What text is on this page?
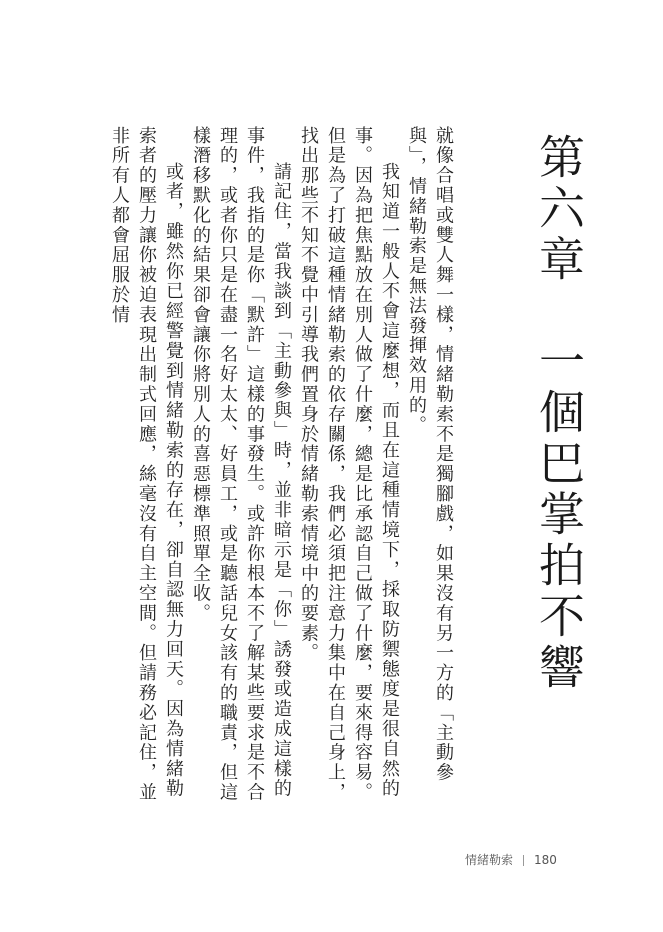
第六章　一個巴掌拍不響

就像合唱或雙人舞一樣，情緒勒索不是獨腳戲，如果沒有另一方的「主動參與」，情緒勒索是無法發揮效用的。

我知道一般人不會這麼想，而且在這種情境下，採取防禦態度是很自然的事。因為把焦點放在別人做了什麼，總是比承認自己做了什麼，要來得容易。但是為了打破這種情緒勒索的依存關係，我們必須把注意力集中在自己身上，找出那些不知不覺中引導我們置身於情緒勒索情境中的要素。

請記住，當我談到「主動參與」時，並非暗示是「你」誘發或造成這樣的事件，我指的是你「默許」這樣的事發生。或許你根本不了解某些要求是不合理的，或者你只是在盡一名好太太、好員工，或是聽話兒女該有的職責，但這樣潛移默化的結果卻會讓你將別人的喜惡標準照單全收。

或者，雖然你已經警覺到情緒勒索的存在，卻自認無力回天。因為情緒勒索者的壓力讓你被迫表現出制式回應，絲毫沒有自主空間。但請務必記住，並非所有人都會屈服於情

情緒勒索 180
